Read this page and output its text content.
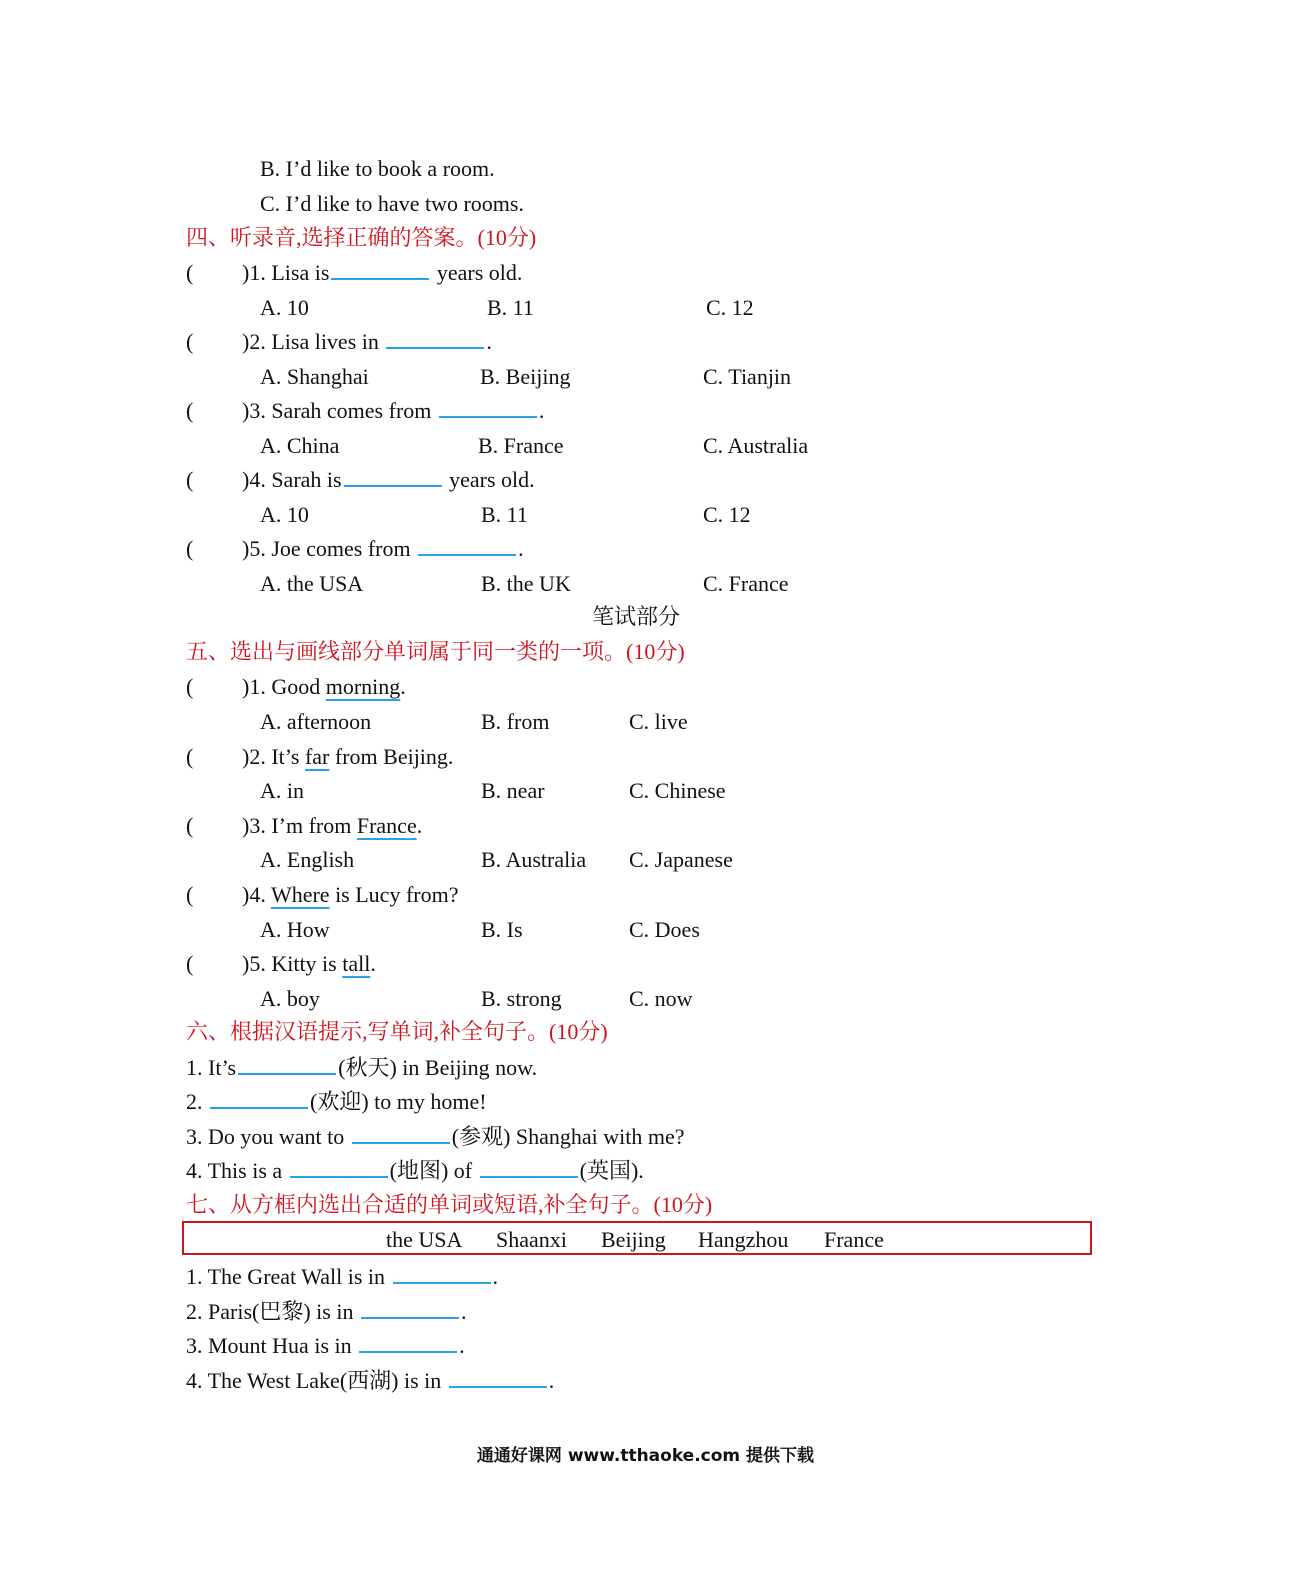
B. I’d like to book a room.
C. I’d like to have two rooms.
四、听录音,选择正确的答案。(10分)
( )1. Lisa is	years old.
A. 10	B. 11	C. 12
( )2. Lisa lives in	.
A. Shanghai	B. Beijing	C. Tianjin
( )3. Sarah comes from	.
A. China	B. France	C. Australia
( )4. Sarah is	years old.
A. 10	B. 11	C. 12
( )5. Joe comes from	.
A. the USA	B. the UK	C. France
笔试部分
五、选出与画线部分单词属于同一类的一项。(10分)
( )1. Good morning.
A. afternoon	B. from	C. live
( )2. It’s far from Beijing.
A. in	B. near	C. Chinese
( )3. I’m from France.
A. English	B. Australia C. Japanese
( )4. Where is Lucy from?
A. How	B. Is	C. Does
( )5. Kitty is tall.
A. boy	B. strong	C. now
六、根据汉语提示,写单词,补全句子。(10分)
1. It’s	(秋天) in Beijing now.
2.	(欢迎) to my home!
3. Do you want to	(参观) Shanghai with me?
4. This is a	(地图) of	(英国).
七、从方框内选出合适的单词或短语,补全句子。(10分)
the USA Shaanxi Beijing Hangzhou France
1. The Great Wall is in	.
2. Paris(巴黎) is in	.
3. Mount Hua is in	.
4. The West Lake(西湖) is in	.
通通好课网 www.tthaoke.com 提供下载
